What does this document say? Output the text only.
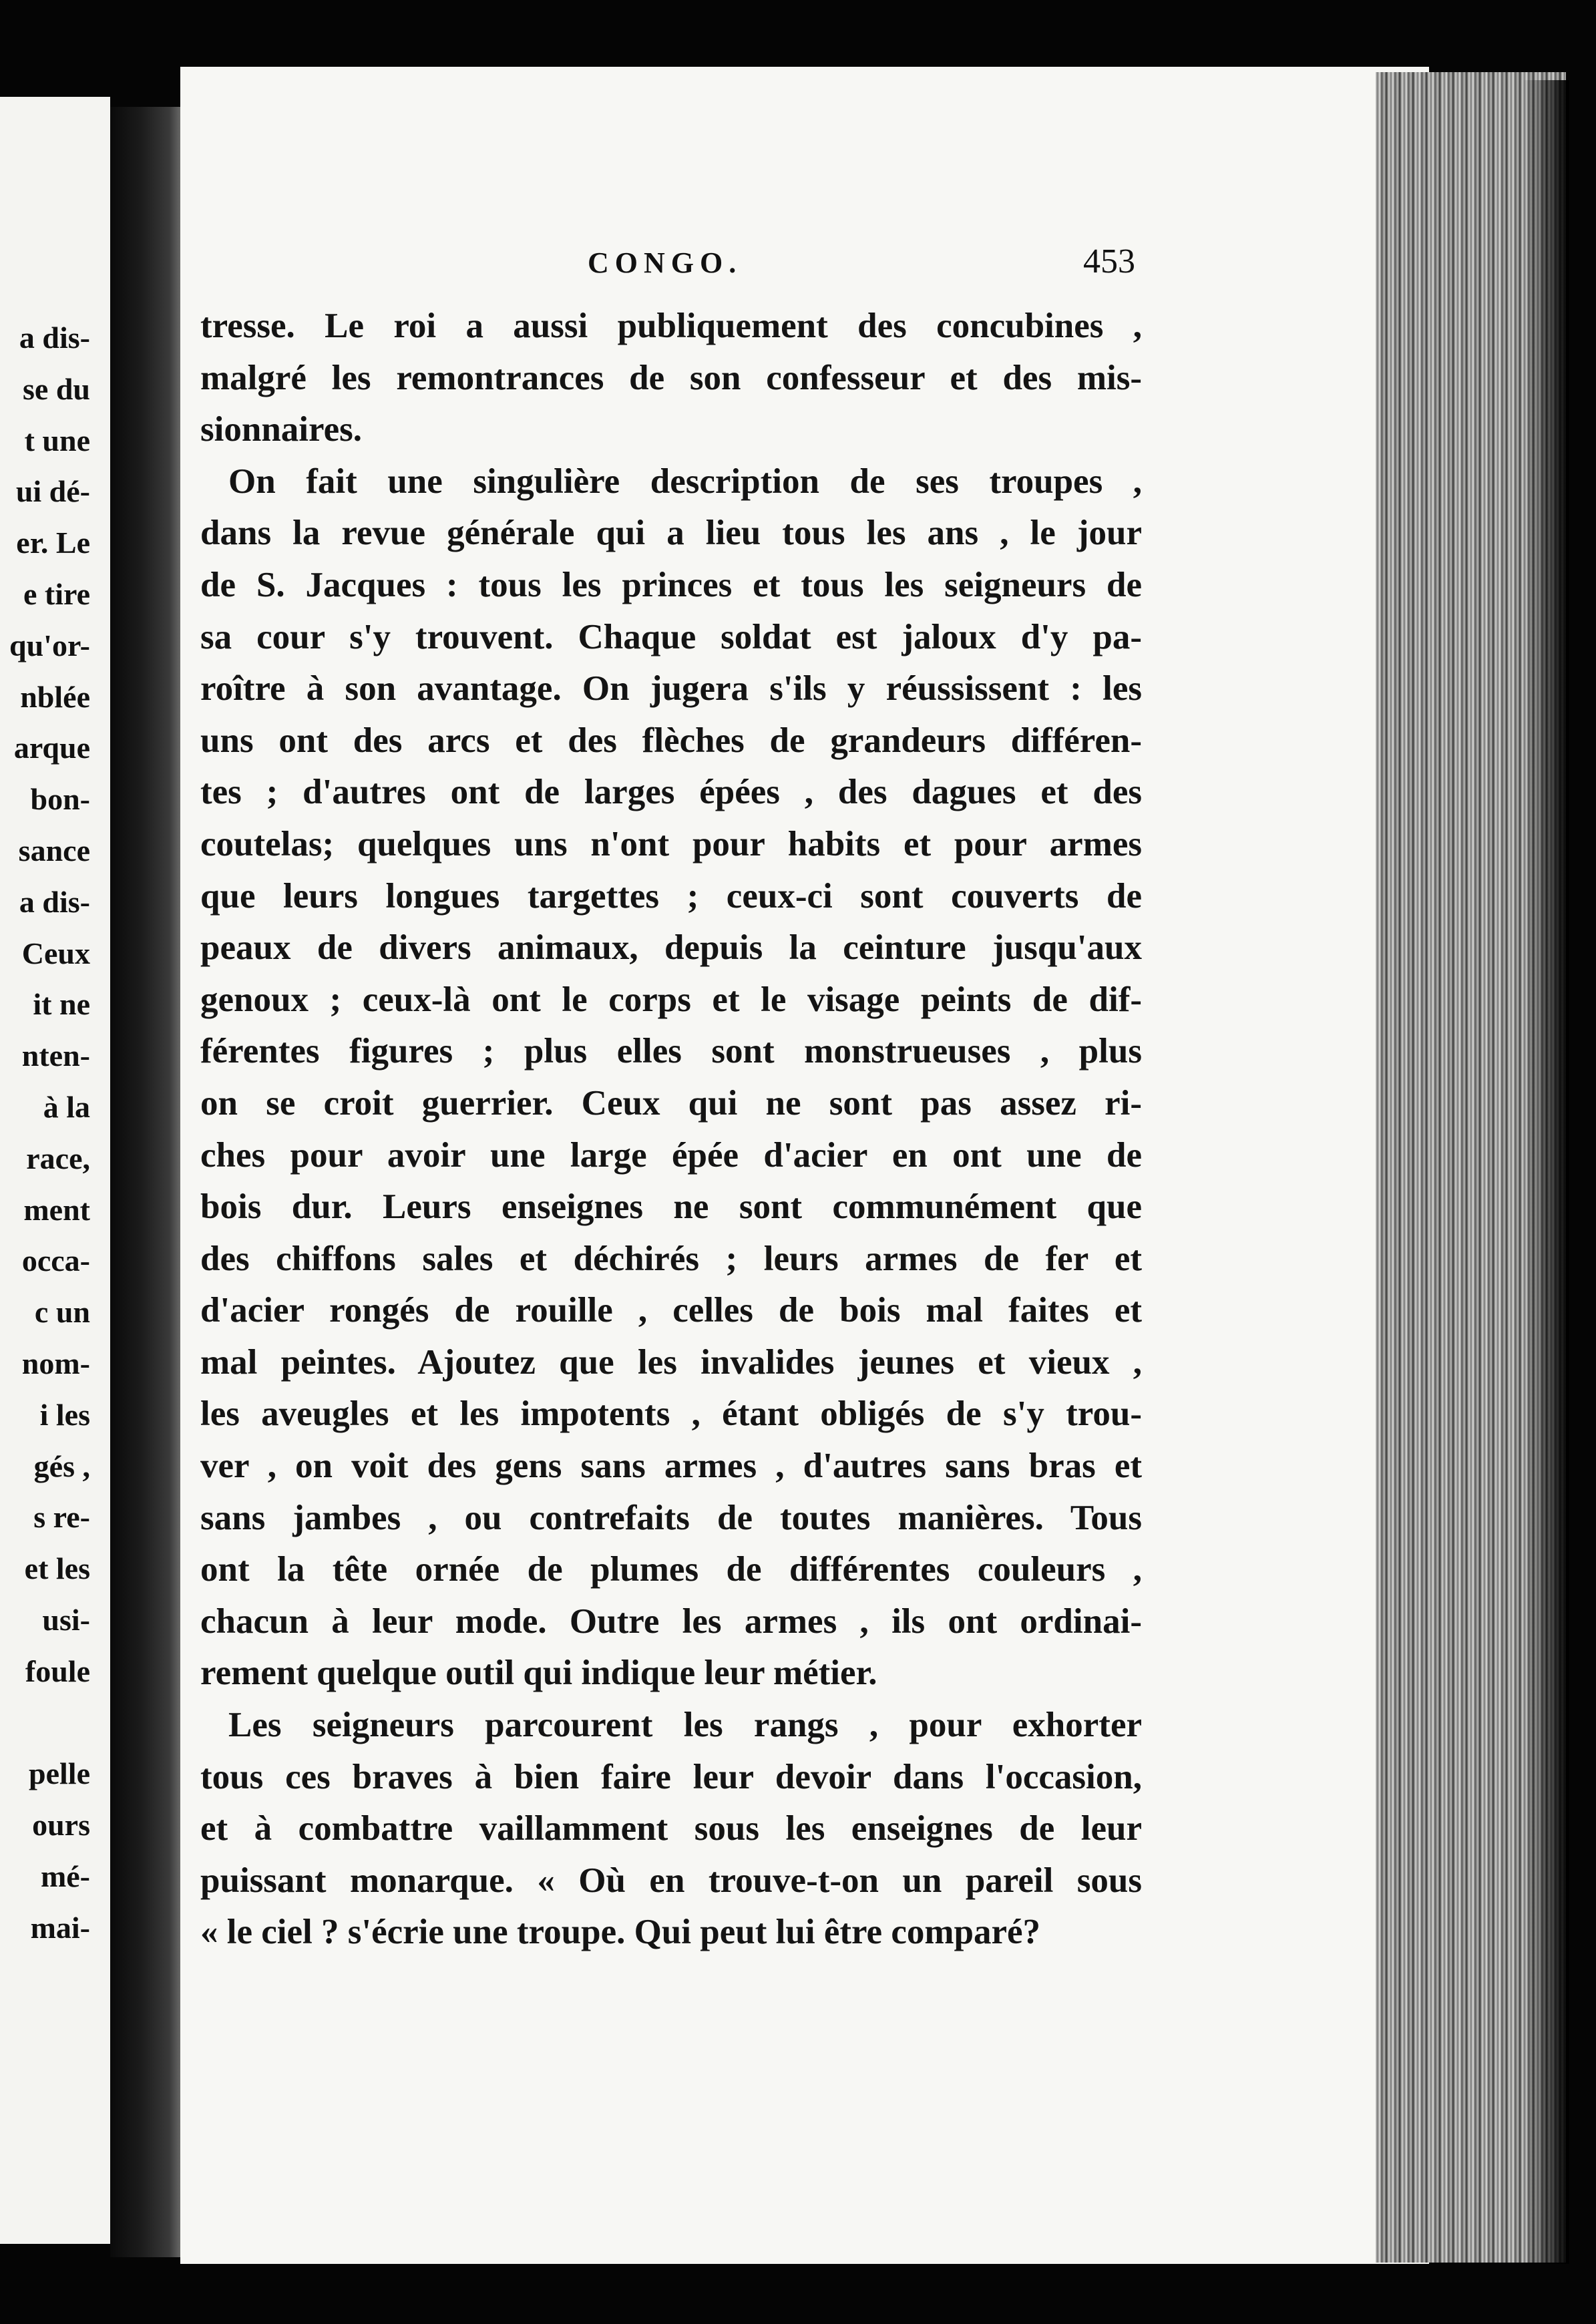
a dis-
se du
t une
ui dé-
er. Le
e tire
qu'or-
nblée
arque
bon-
sance
a dis-
Ceux
it ne
nten-
à la
race,
ment
occa-
c un
nom-
i les
gés ,
s re-
et les
usi-
foule
pelle
ours
mé-
mai-
CONGO.	453
tresse. Le roi a aussi publiquement des concubines ,
malgré les remontrances de son confesseur et des mis-
sionnaires.
On fait une singulière description de ses troupes ,
dans la revue générale qui a lieu tous les ans , le jour
de S. Jacques : tous les princes et tous les seigneurs de
sa cour s'y trouvent. Chaque soldat est jaloux d'y pa-
roître à son avantage. On jugera s'ils y réussissent : les
uns ont des arcs et des flèches de grandeurs différen-
tes ; d'autres ont de larges épées , des dagues et des
coutelas; quelques uns n'ont pour habits et pour armes
que leurs longues targettes ; ceux-ci sont couverts de
peaux de divers animaux, depuis la ceinture jusqu'aux
genoux ; ceux-là ont le corps et le visage peints de dif-
férentes figures ; plus elles sont monstrueuses , plus
on se croit guerrier. Ceux qui ne sont pas assez ri-
ches pour avoir une large épée d'acier en ont une de
bois dur. Leurs enseignes ne sont communément que
des chiffons sales et déchirés ; leurs armes de fer et
d'acier rongés de rouille , celles de bois mal faites et
mal peintes. Ajoutez que les invalides jeunes et vieux ,
les aveugles et les impotents , étant obligés de s'y trou-
ver , on voit des gens sans armes , d'autres sans bras et
sans jambes , ou contrefaits de toutes manières. Tous
ont la tête ornée de plumes de différentes couleurs ,
chacun à leur mode. Outre les armes , ils ont ordinai-
rement quelque outil qui indique leur métier.
Les seigneurs parcourent les rangs , pour exhorter
tous ces braves à bien faire leur devoir dans l'occasion,
et à combattre vaillamment sous les enseignes de leur
puissant monarque. « Où en trouve-t-on un pareil sous
« le ciel ? s'écrie une troupe. Qui peut lui être comparé?
